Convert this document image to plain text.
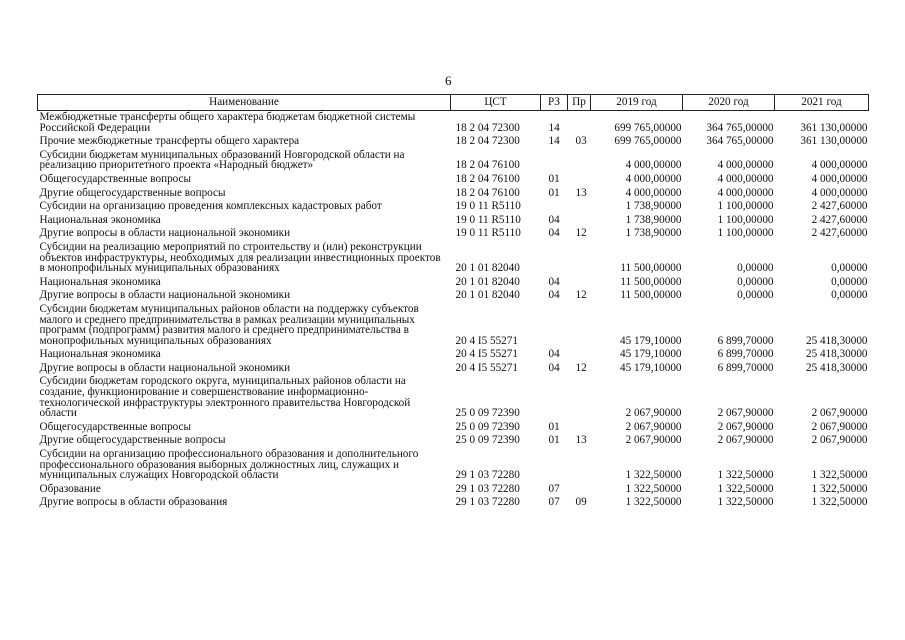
6
Наименование	ЦСТ	РЗ	Пр	2019 год	2020 год	2021 год
Межбюджетные трансферты общего характера бюджетам бюджетной системы Российской Федерации	18 2 04 72300	14		699 765,00000	364 765,00000	361 130,00000
Прочие межбюджетные трансферты общего характера	18 2 04 72300	14	03	699 765,00000	364 765,00000	361 130,00000
Субсидии бюджетам муниципальных образований Новгородской области на реализацию приоритетного проекта «Народный бюджет»	18 2 04 76100			4 000,00000	4 000,00000	4 000,00000
Общегосударственные вопросы	18 2 04 76100	01		4 000,00000	4 000,00000	4 000,00000
Другие общегосударственные вопросы	18 2 04 76100	01	13	4 000,00000	4 000,00000	4 000,00000
Субсидии на организацию проведения комплексных кадастровых работ	19 0 11 R5110			1 738,90000	1 100,00000	2 427,60000
Национальная экономика	19 0 11 R5110	04		1 738,90000	1 100,00000	2 427,60000
Другие вопросы в области национальной экономики	19 0 11 R5110	04	12	1 738,90000	1 100,00000	2 427,60000
Субсидии на реализацию мероприятий по строительству и (или) реконструкции объектов инфраструктуры, необходимых для реализации инвестиционных проектов в монопрофильных муниципальных образованиях	20 1 01 82040			11 500,00000	0,00000	0,00000
Национальная экономика	20 1 01 82040	04		11 500,00000	0,00000	0,00000
Другие вопросы в области национальной экономики	20 1 01 82040	04	12	11 500,00000	0,00000	0,00000
Субсидии бюджетам муниципальных районов области на поддержку субъектов малого и среднего предпринимательства в рамках реализации муниципальных программ (подпрограмм) развития малого и среднего предпринимательства в монопрофильных муниципальных образованиях	20 4 I5 55271			45 179,10000	6 899,70000	25 418,30000
Национальная экономика	20 4 I5 55271	04		45 179,10000	6 899,70000	25 418,30000
Другие вопросы в области национальной экономики	20 4 I5 55271	04	12	45 179,10000	6 899,70000	25 418,30000
Субсидии бюджетам городского округа, муниципальных районов области на создание, функционирование и совершенствование информационно-технологической инфраструктуры электронного правительства Новгородской области	25 0 09 72390			2 067,90000	2 067,90000	2 067,90000
Общегосударственные вопросы	25 0 09 72390	01		2 067,90000	2 067,90000	2 067,90000
Другие общегосударственные вопросы	25 0 09 72390	01	13	2 067,90000	2 067,90000	2 067,90000
Субсидии на организацию профессионального образования и дополнительного профессионального образования выборных должностных лиц, служащих и муниципальных служащих Новгородской области	29 1 03 72280			1 322,50000	1 322,50000	1 322,50000
Образование	29 1 03 72280	07		1 322,50000	1 322,50000	1 322,50000
Другие вопросы в области образования	29 1 03 72280	07	09	1 322,50000	1 322,50000	1 322,50000
